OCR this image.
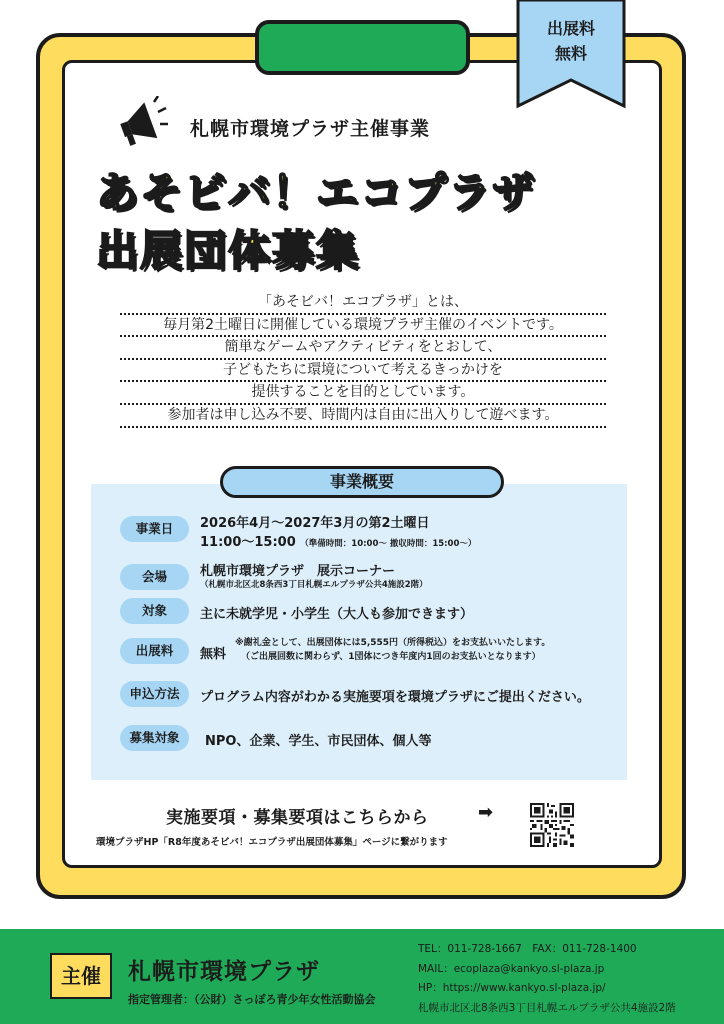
出展料
無料
札幌市環境プラザ主催事業
あそビバ！エコプラザ
出展団体募集
「あそビバ！エコプラザ」とは、
毎月第2土曜日に開催している環境プラザ主催のイベントです。
簡単なゲームやアクティビティをとおして、
子どもたちに環境について考えるきっかけを
提供することを目的としています。
参加者は申し込み不要、時間内は自由に出入りして遊べます。
事業概要
事業日	2026年4月～2027年3月の第2土曜日
11:00～15:00 （準備時間：10:00～ 撤収時間：15:00～）
会場	札幌市環境プラザ　展示コーナー
（札幌市北区北8条西3丁目札幌エルプラザ公共4施設2階）
対象	主に未就学児・小学生（大人も参加できます）
出展料	無料
※謝礼金として、出展団体には5,555円（所得税込）をお支払いいたします。
（ご出展回数に関わらず、1団体につき年度内1回のお支払いとなります）
申込方法	プログラム内容がわかる実施要項を環境プラザにご提出ください。
募集対象	NPO、企業、学生、市民団体、個人等
実施要項・募集要項はこちらから	➡
環境プラザHP「R8年度あそビバ！エコプラザ出展団体募集」ページに繋がります
主催	札幌市環境プラザ
指定管理者：（公財）さっぽろ青少年女性活動協会
TEL：011-728-1667　FAX：011-728-1400
MAIL：ecoplaza@kankyo.sl-plaza.jp
HP：https://www.kankyo.sl-plaza.jp/
札幌市北区北8条西3丁目札幌エルプラザ公共4施設2階
